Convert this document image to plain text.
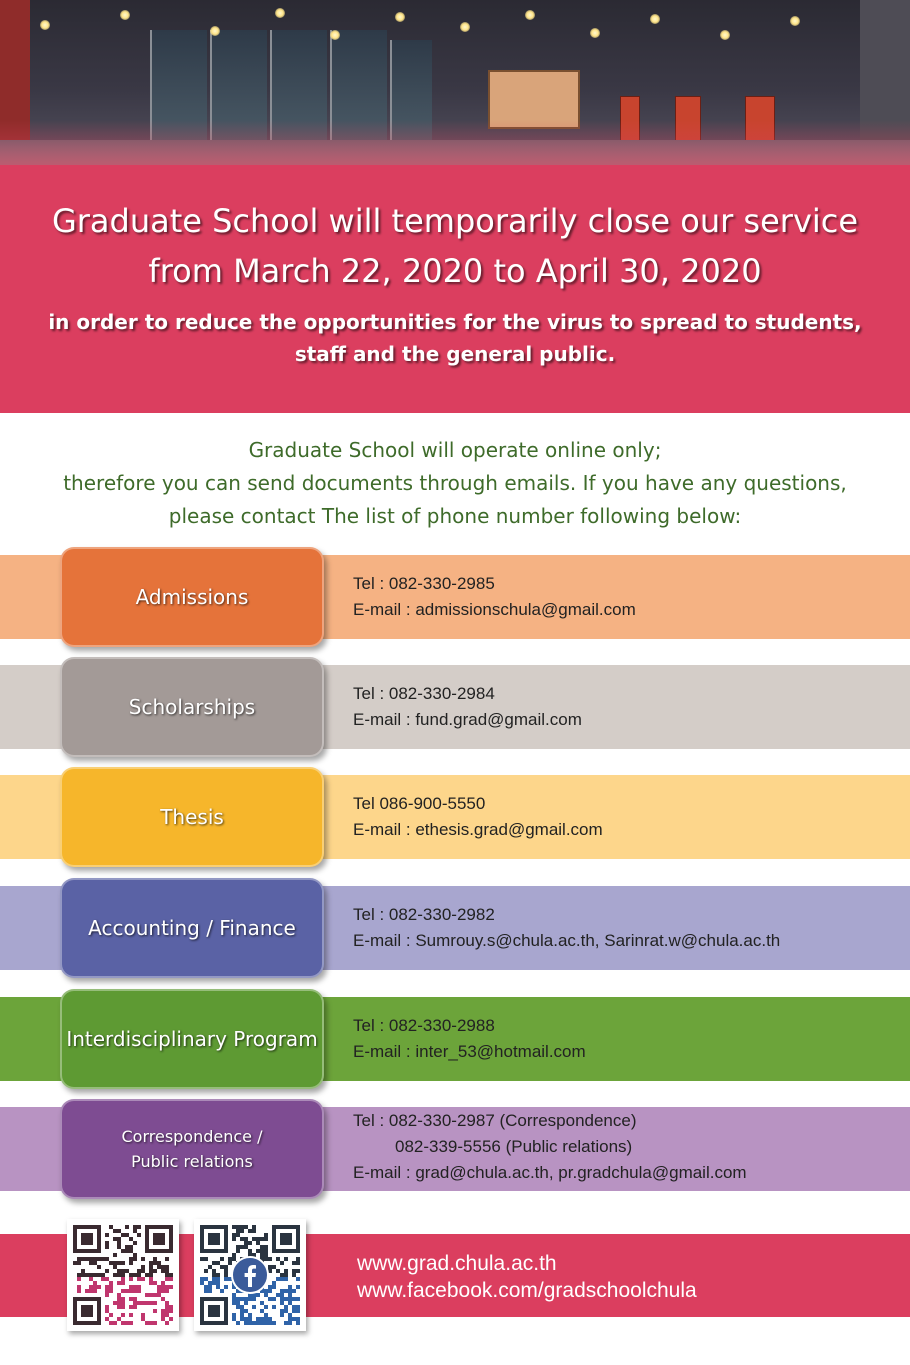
Graduate School will temporarily close our service
from March 22, 2020 to April 30, 2020
in order to reduce the opportunities for the virus to spread to students,
staff and the general public.
Graduate School will operate online only;
therefore you can send documents through emails. If you have any questions,
please contact The list of phone number following below:
Admissions
Tel : 082-330-2985
E-mail : admissionschula@gmail.com
Scholarships
Tel : 082-330-2984
E-mail : fund.grad@gmail.com
Thesis
Tel 086-900-5550
E-mail : ethesis.grad@gmail.com
Accounting / Finance
Tel : 082-330-2982
E-mail : Sumrouy.s@chula.ac.th, Sarinrat.w@chula.ac.th
Interdisciplinary Program
Tel : 082-330-2988
E-mail : inter_53@hotmail.com
Correspondence /
Public relations
Tel : 082-330-2987 (Correspondence)
082-339-5556 (Public relations)
E-mail : grad@chula.ac.th, pr.gradchula@gmail.com
www.grad.chula.ac.th
www.facebook.com/gradschoolchula
